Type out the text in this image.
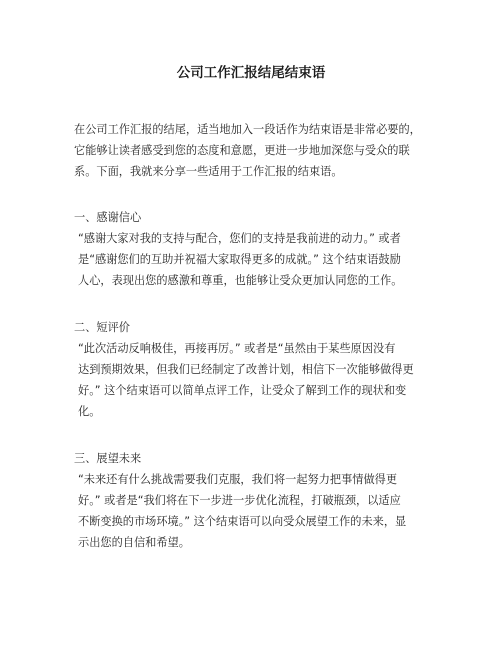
公司工作汇报结尾结束语
在公司工作汇报的结尾，适当地加入一段话作为结束语是非常必要的，
它能够让读者感受到您的态度和意愿，更进一步地加深您与受众的联
系。下面，我就来分享一些适用于工作汇报的结束语。
一、感谢信心
“感谢大家对我的支持与配合，您们的支持是我前进的动力。” 或者
是“感谢您们的互助并祝福大家取得更多的成就。” 这个结束语鼓励
人心，表现出您的感激和尊重，也能够让受众更加认同您的工作。
二、短评价
“此次活动反响极佳，再接再厉。” 或者是“虽然由于某些原因没有
达到预期效果，但我们已经制定了改善计划，相信下一次能够做得更
好。” 这个结束语可以简单点评工作，让受众了解到工作的现状和变
化。
三、展望未来
“未来还有什么挑战需要我们克服，我们将一起努力把事情做得更
好。” 或者是“我们将在下一步进一步优化流程，打破瓶颈，以适应
不断变换的市场环境。” 这个结束语可以向受众展望工作的未来，显
示出您的自信和希望。
